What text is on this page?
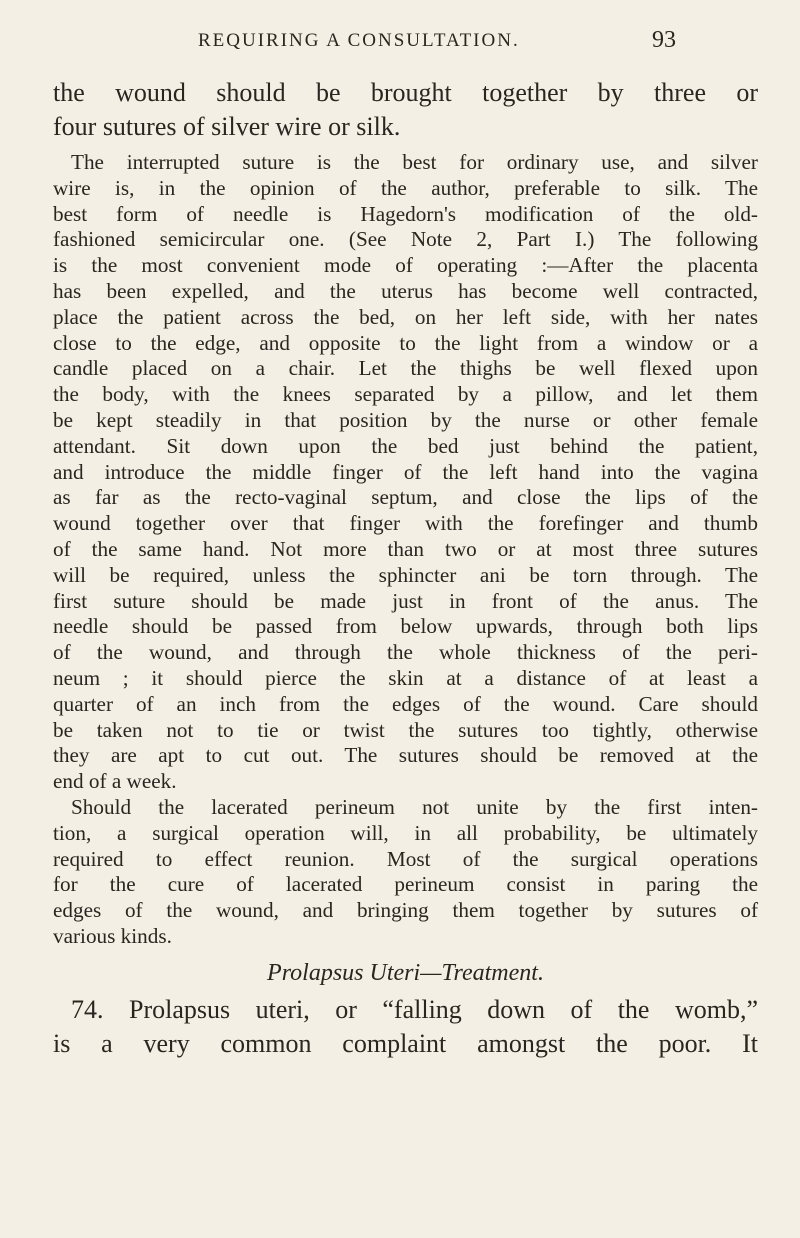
REQUIRING A CONSULTATION.	93
the wound should be brought together by three or
four sutures of silver wire or silk.
The interrupted suture is the best for ordinary use, and silver
wire is, in the opinion of the author, preferable to silk. The
best form of needle is Hagedorn's modification of the old-
fashioned semicircular one. (See Note 2, Part I.) The following
is the most convenient mode of operating :—After the placenta
has been expelled, and the uterus has become well contracted,
place the patient across the bed, on her left side, with her nates
close to the edge, and opposite to the light from a window or a
candle placed on a chair. Let the thighs be well flexed upon
the body, with the knees separated by a pillow, and let them
be kept steadily in that position by the nurse or other female
attendant. Sit down upon the bed just behind the patient,
and introduce the middle finger of the left hand into the vagina
as far as the recto-vaginal septum, and close the lips of the
wound together over that finger with the forefinger and thumb
of the same hand. Not more than two or at most three sutures
will be required, unless the sphincter ani be torn through. The
first suture should be made just in front of the anus. The
needle should be passed from below upwards, through both lips
of the wound, and through the whole thickness of the peri-
neum ; it should pierce the skin at a distance of at least a
quarter of an inch from the edges of the wound. Care should
be taken not to tie or twist the sutures too tightly, otherwise
they are apt to cut out. The sutures should be removed at the
end of a week.
Should the lacerated perineum not unite by the first inten-
tion, a surgical operation will, in all probability, be ultimately
required to effect reunion. Most of the surgical operations
for the cure of lacerated perineum consist in paring the
edges of the wound, and bringing them together by sutures of
various kinds.
Prolapsus Uteri—Treatment.
74. Prolapsus uteri, or “falling down of the womb,”
is a very common complaint amongst the poor. It
